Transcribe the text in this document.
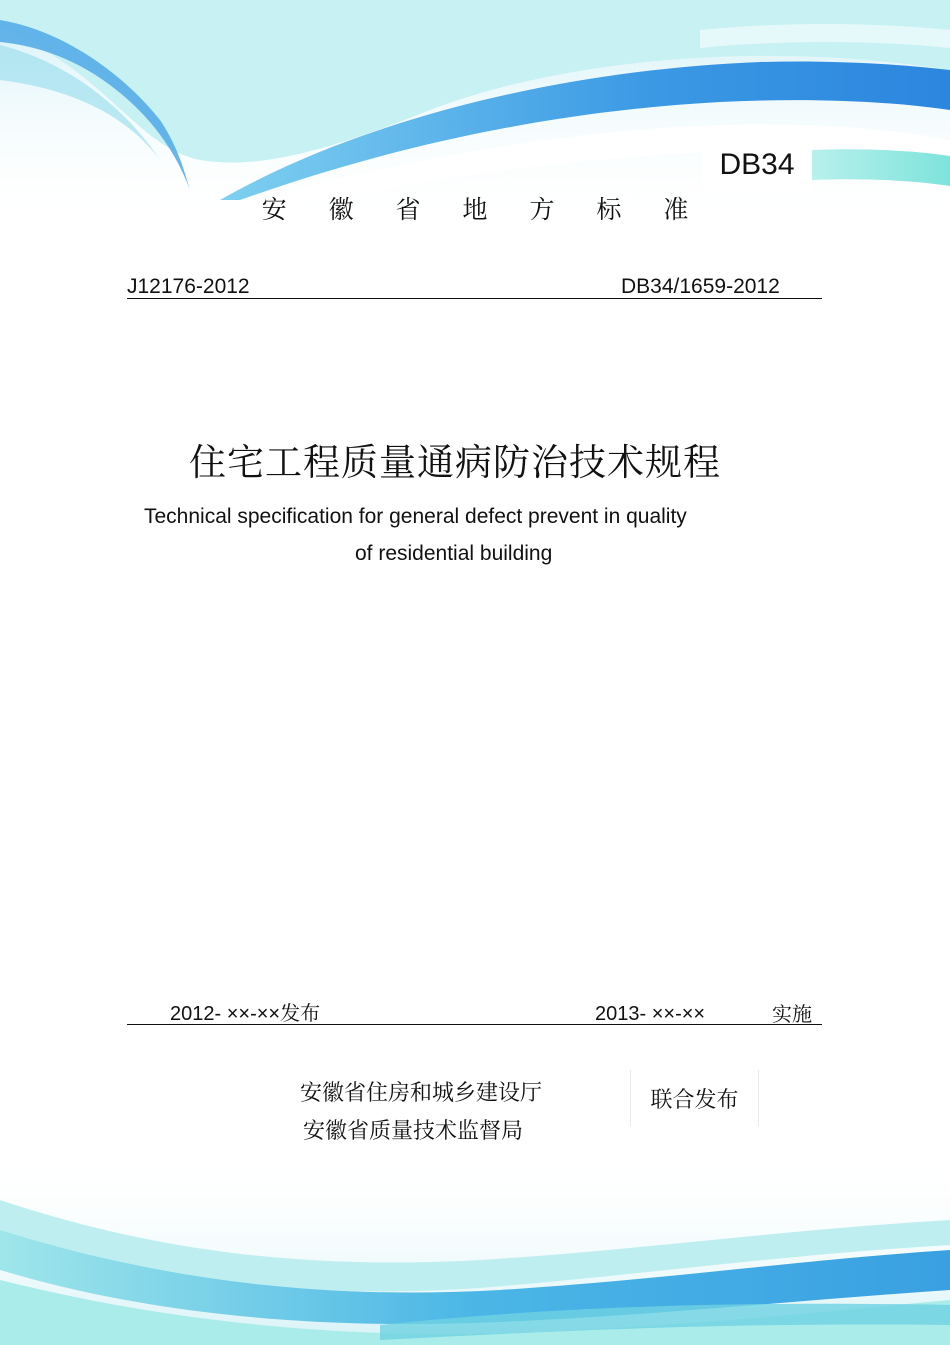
DB34
安 徽 省 地 方 标 准
J12176-2012	DB34/1659-2012
住宅工程质量通病防治技术规程
Technical specification for general defect prevent in quality
of residential building
2012- ××-××发布	2013- ××-××	实施
安徽省住房和城乡建设厅
安徽省质量技术监督局
联合发布
